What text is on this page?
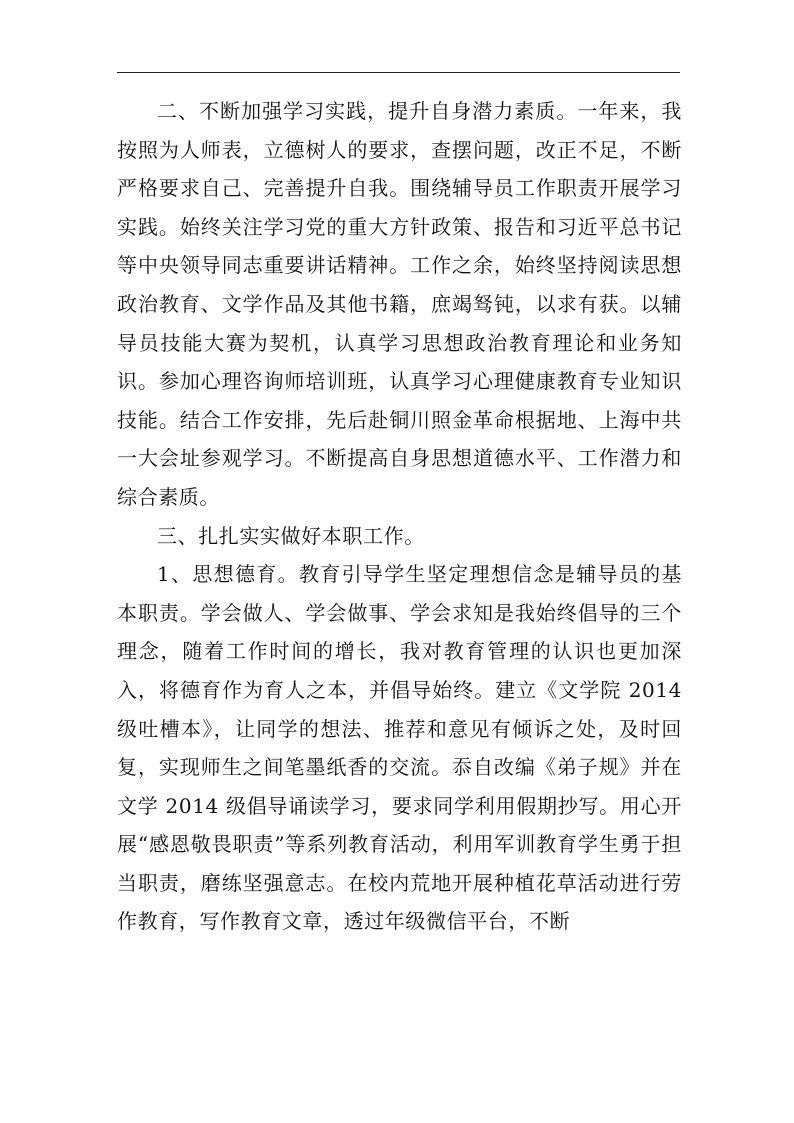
二、不断加强学习实践，提升自身潜力素质。一年来，我按照为人师表，立德树人的要求，查摆问题，改正不足，不断严格要求自己、完善提升自我。围绕辅导员工作职责开展学习实践。始终关注学习党的重大方针政策、报告和习近平总书记等中央领导同志重要讲话精神。工作之余，始终坚持阅读思想政治教育、文学作品及其他书籍，庶竭驽钝，以求有获。以辅导员技能大赛为契机，认真学习思想政治教育理论和业务知识。参加心理咨询师培训班，认真学习心理健康教育专业知识技能。结合工作安排，先后赴铜川照金革命根据地、上海中共一大会址参观学习。不断提高自身思想道德水平、工作潜力和综合素质。

三、扎扎实实做好本职工作。

1、思想德育。教育引导学生坚定理想信念是辅导员的基本职责。学会做人、学会做事、学会求知是我始终倡导的三个理念，随着工作时间的增长，我对教育管理的认识也更加深入，将德育作为育人之本，并倡导始终。建立《文学院 2014 级吐槽本》，让同学的想法、推荐和意见有倾诉之处，及时回复，实现师生之间笔墨纸香的交流。忝自改编《弟子规》并在文学 2014 级倡导诵读学习，要求同学利用假期抄写。用心开展“感恩敬畏职责”等系列教育活动，利用军训教育学生勇于担当职责，磨练坚强意志。在校内荒地开展种植花草活动进行劳作教育，写作教育文章，透过年级微信平台，不断
